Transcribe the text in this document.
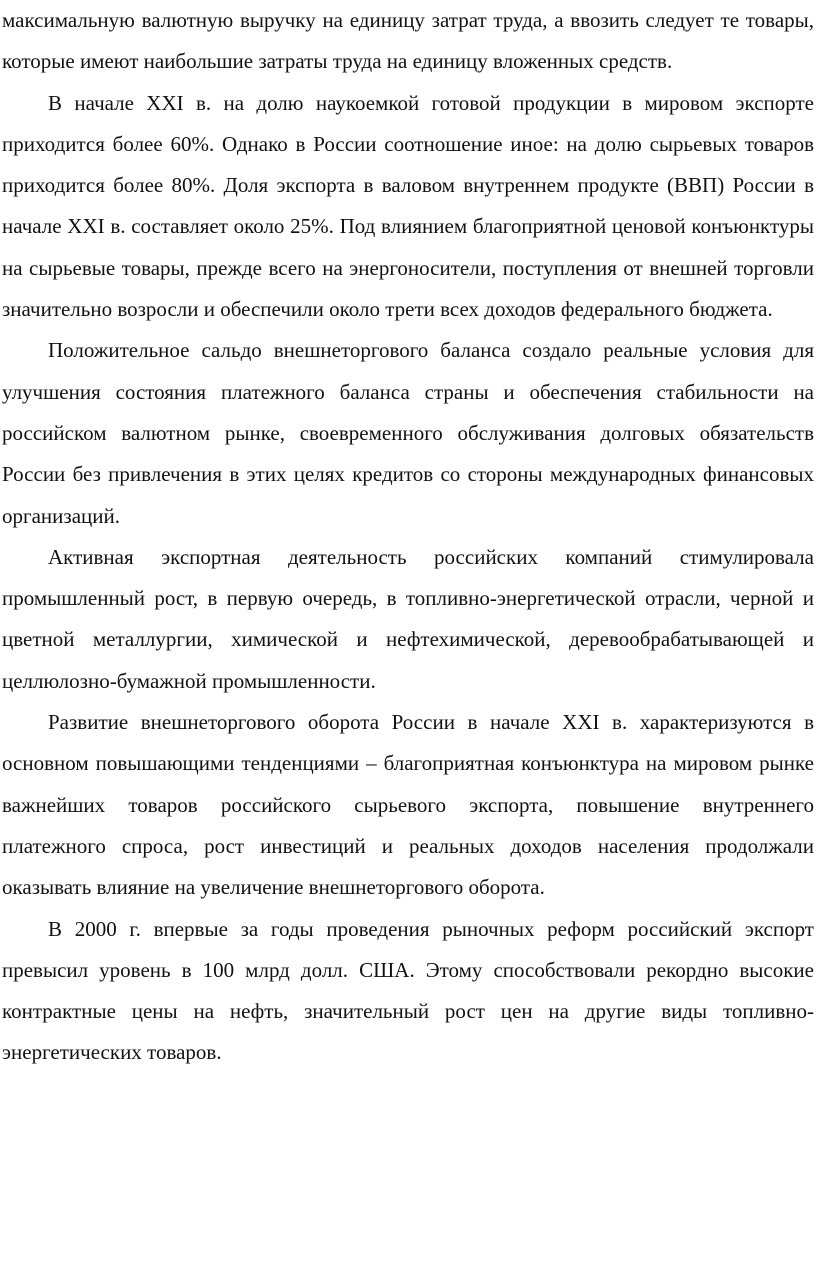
максимальную валютную выручку на единицу затрат труда, а ввозить следует те товары, которые имеют наибольшие затраты труда на единицу вложенных средств.

В начале XXI в. на долю наукоемкой готовой продукции в мировом экспорте приходится более 60%. Однако в России соотношение иное: на долю сырьевых товаров приходится более 80%. Доля экспорта в валовом внутреннем продукте (ВВП) России в начале XXI в. составляет около 25%. Под влиянием благоприятной ценовой конъюнктуры на сырьевые товары, прежде всего на энергоносители, поступления от внешней торговли значительно возросли и обеспечили около трети всех доходов федерального бюджета.

Положительное сальдо внешнеторгового баланса создало реальные условия для улучшения состояния платежного баланса страны и обеспечения стабильности на российском валютном рынке, своевременного обслуживания долговых обязательств России без привлечения в этих целях кредитов со стороны международных финансовых организаций.

Активная экспортная деятельность российских компаний стимулировала промышленный рост, в первую очередь, в топливно-энергетической отрасли, черной и цветной металлургии, химической и нефтехимической, деревообрабатывающей и целлюлозно-бумажной промышленности.

Развитие внешнеторгового оборота России в начале XXI в. характеризуются в основном повышающими тенденциями – благоприятная конъюнктура на мировом рынке важнейших товаров российского сырьевого экспорта, повышение внутреннего платежного спроса, рост инвестиций и реальных доходов населения продолжали оказывать влияние на увеличение внешнеторгового оборота.

В 2000 г. впервые за годы проведения рыночных реформ российский экспорт превысил уровень в 100 млрд долл. США. Этому способствовали рекордно высокие контрактные цены на нефть, значительный рост цен на другие виды топливно-энергетических товаров.
